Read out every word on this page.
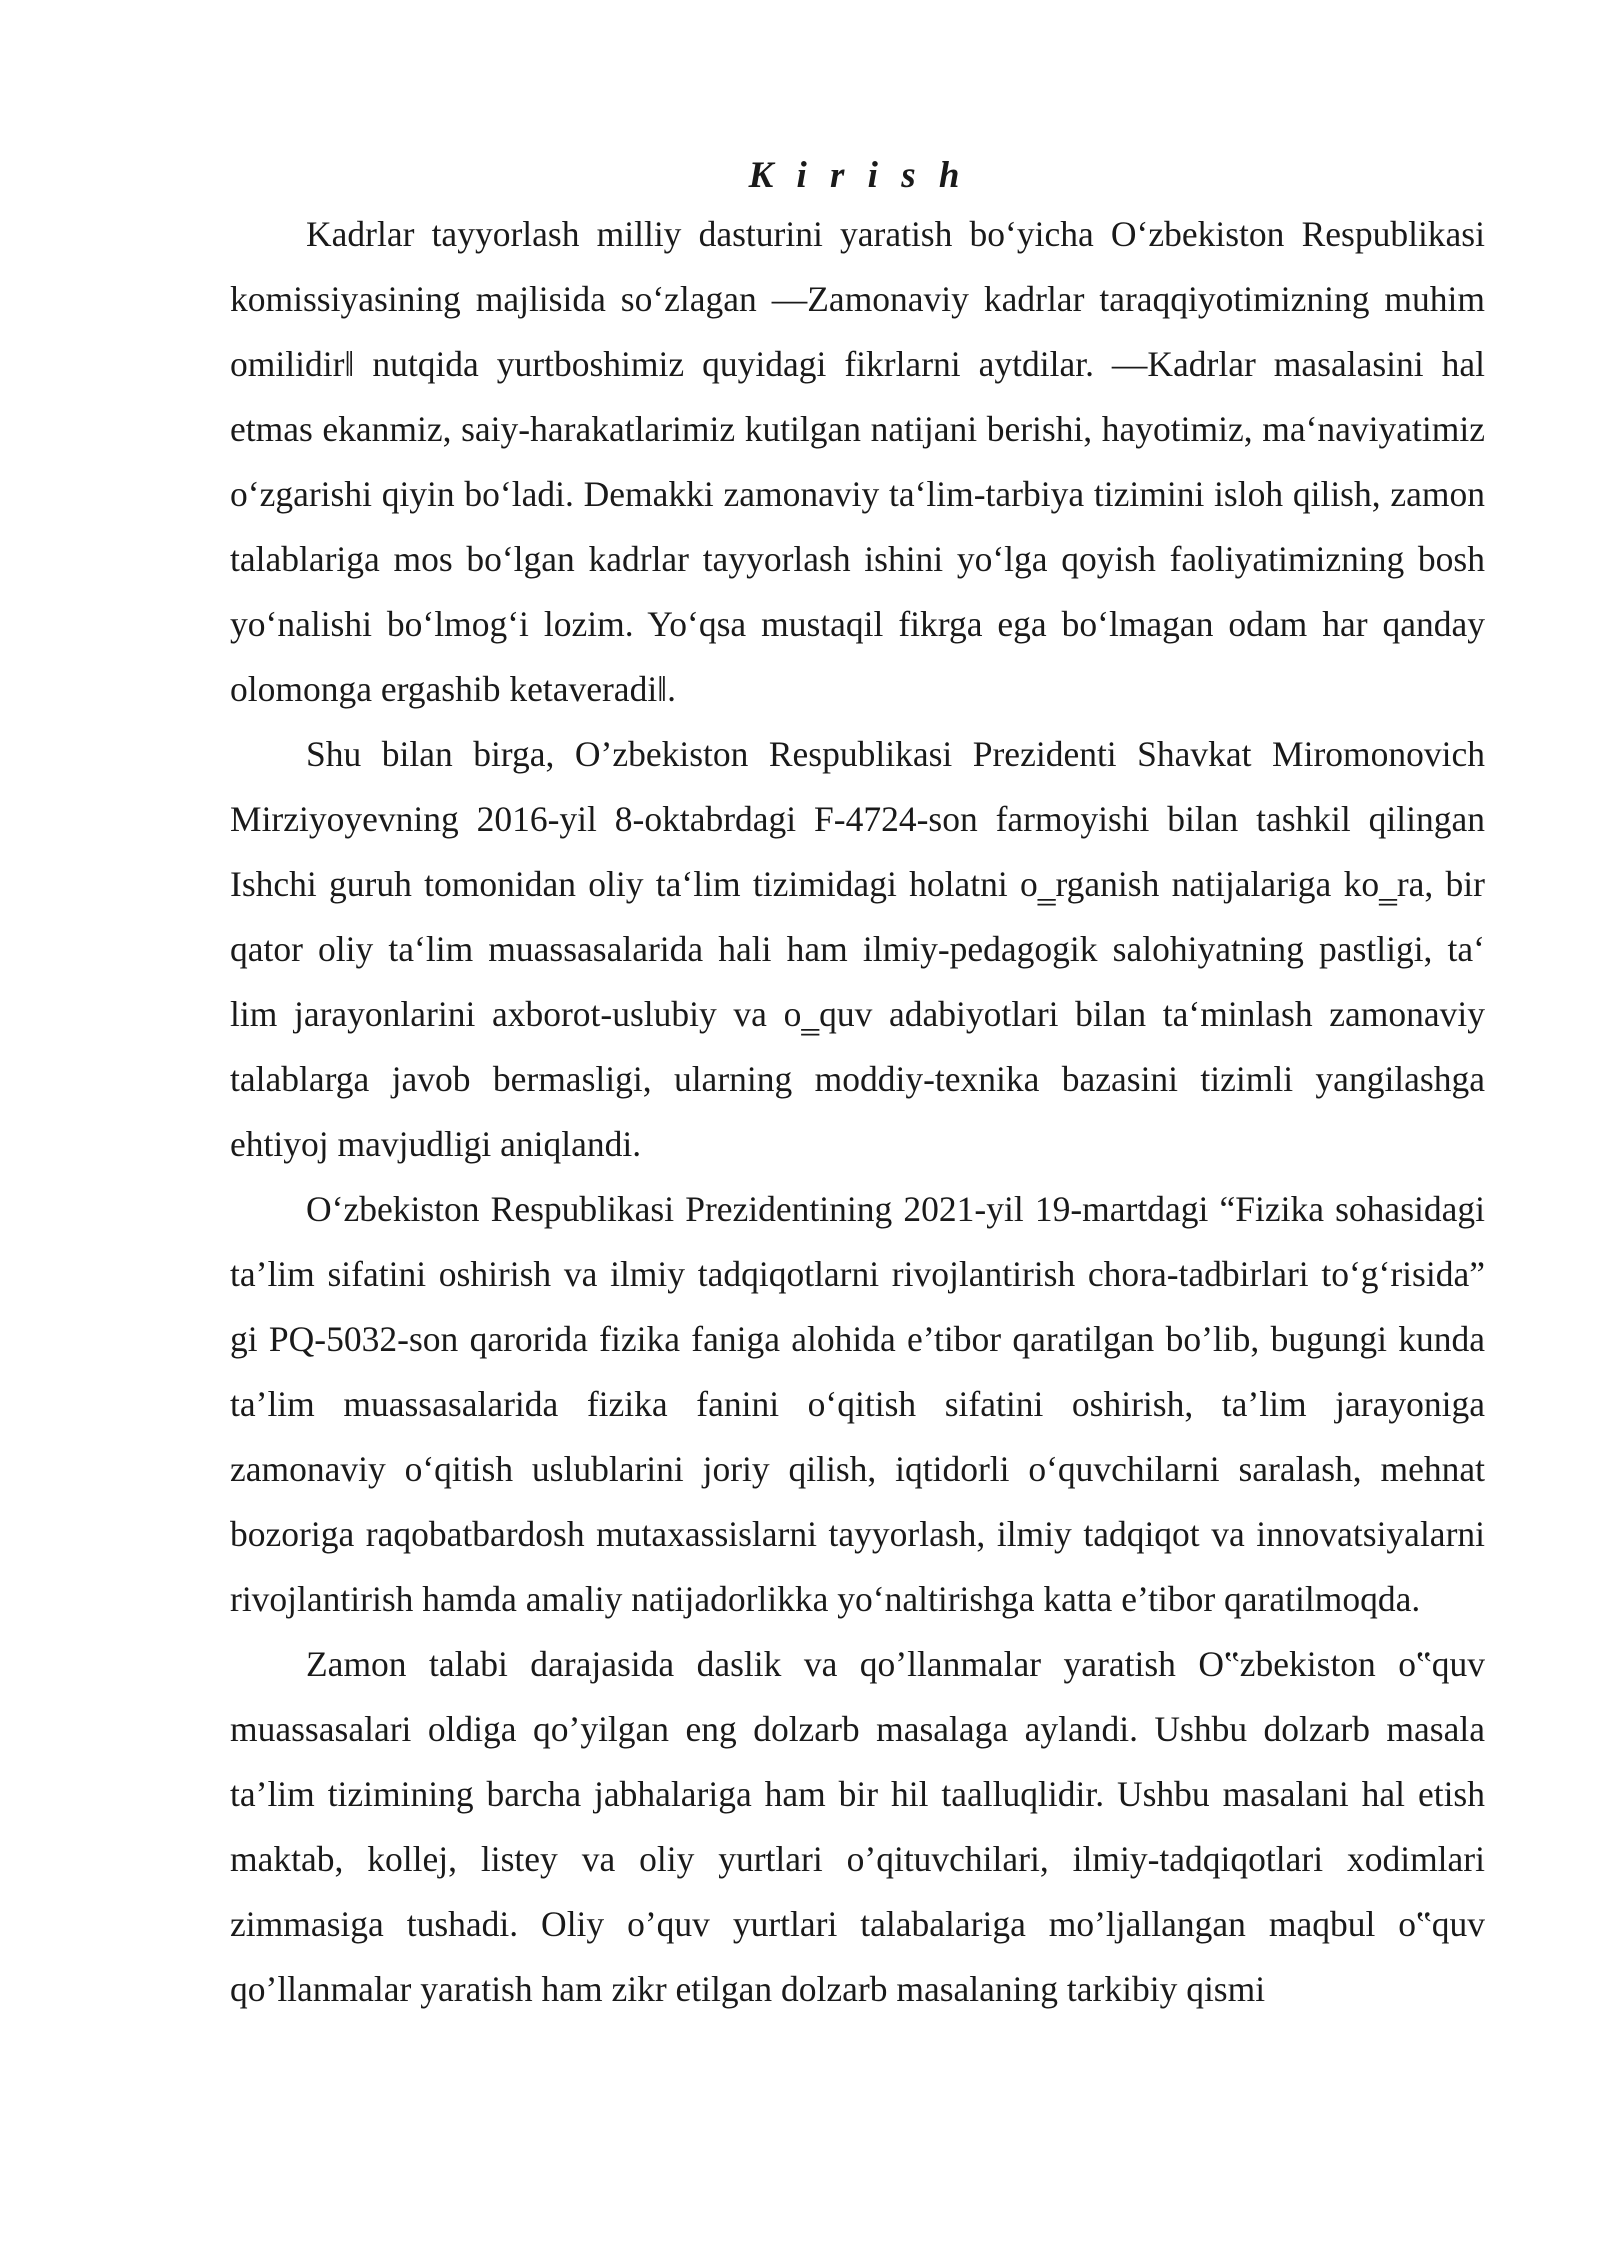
K i r i s h

Kadrlar tayyorlash milliy dasturini yaratish bo‘yicha O‘zbekiston Respublikasi komissiyasining majlisida so‘zlagan ―Zamonaviy kadrlar taraqqiyotimizning muhim omilidir‖ nutqida yurtboshimiz quyidagi fikrlarni aytdilar. ―Kadrlar masalasini hal etmas ekanmiz, saiy-harakatlarimiz kutilgan natijani berishi, hayotimiz, ma‘naviyatimiz o‘zgarishi qiyin bo‘ladi. Demakki zamonaviy ta‘lim-tarbiya tizimini isloh qilish, zamon talablariga mos bo‘lgan kadrlar tayyorlash ishini yo‘lga qoyish faoliyatimizning bosh yo‘nalishi bo‘lmog‘i lozim. Yo‘qsa mustaqil fikrga ega bo‘lmagan odam har qanday olomonga ergashib ketaveradi‖.

Shu bilan birga, O’zbekiston Respublikasi Prezidenti Shavkat Miromonovich Mirziyoyevning 2016-yil 8-oktabrdagi F-4724-son farmoyishi bilan tashkil qilingan Ishchi guruh tomonidan oliy ta‘lim tizimidagi holatni o‗rganish natijalariga ko‗ra, bir qator oliy ta‘lim muassasalarida hali ham ilmiy-pedagogik salohiyatning pastligi, ta‘ lim jarayonlarini axborot-uslubiy va o‗quv adabiyotlari bilan ta‘minlash zamonaviy talablarga javob bermasligi, ularning moddiy-texnika bazasini tizimli yangilashga ehtiyoj mavjudligi aniqlandi.

O‘zbekiston Respublikasi Prezidentining 2021-yil 19-martdagi “Fizika sohasidagi ta’lim sifatini oshirish va ilmiy tadqiqotlarni rivojlantirish chora-tadbirlari to‘g‘risida” gi PQ-5032-son qarorida fizika faniga alohida e’tibor qaratilgan bo’lib, bugungi kunda ta’lim muassasalarida fizika fanini o‘qitish sifatini oshirish, ta’lim jarayoniga zamonaviy o‘qitish uslublarini joriy qilish, iqtidorli o‘quvchilarni saralash, mehnat bozoriga raqobatbardosh mutaxassislarni tayyorlash, ilmiy tadqiqot va innovatsiyalarni rivojlantirish hamda amaliy natijadorlikka yo‘naltirishga katta e’tibor qaratilmoqda.

Zamon talabi darajasida daslik va qo’llanmalar yaratish O‟zbekiston o‟quv muassasalari oldiga qo’yilgan eng dolzarb masalaga aylandi. Ushbu dolzarb masala ta’lim tizimining barcha jabhalariga ham bir hil taalluqlidir. Ushbu masalani hal etish maktab, kollej, listey va oliy yurtlari o’qituvchilari, ilmiy-tadqiqotlari xodimlari zimmasiga tushadi. Oliy o’quv yurtlari talabalariga mo’ljallangan maqbul o‟quv qo’llanmalar yaratish ham zikr etilgan dolzarb masalaning tarkibiy qismi
